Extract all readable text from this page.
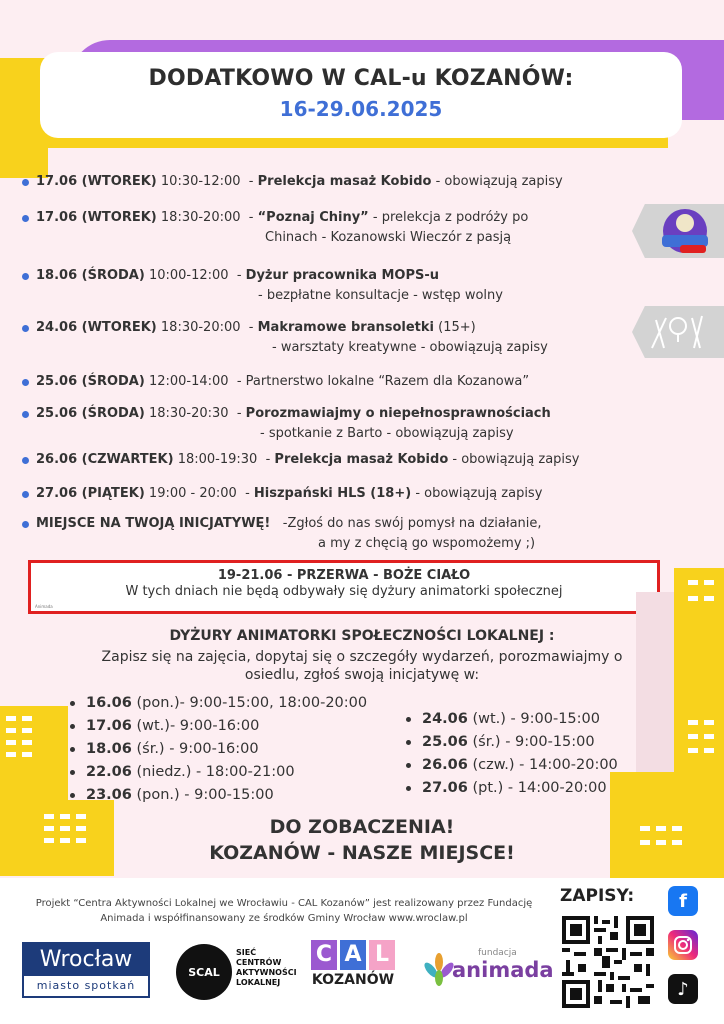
DODATKOWO W CAL-u KOZANÓW:
16-29.06.2025
17.06 (WTOREK) 10:30-12:00  - Prelekcja masaż Kobido - obowiązują zapisy
17.06 (WTOREK) 18:30-20:00  - “Poznaj Chiny” - prelekcja z podróży po
Chinach - Kozanowski Wieczór z pasją
18.06 (ŚRODA) 10:00-12:00  - Dyżur pracownika MOPS-u
- bezpłatne konsultacje - wstęp wolny
24.06 (WTOREK) 18:30-20:00  - Makramowe bransoletki (15+)
- warsztaty kreatywne - obowiązują zapisy
25.06 (ŚRODA) 12:00-14:00 - Partnerstwo lokalne “Razem dla Kozanowa”
25.06 (ŚRODA) 18:30-20:30  - Porozmawiajmy o niepełnosprawnościach
- spotkanie z Barto - obowiązują zapisy
26.06 (CZWARTEK) 18:00-19:30  - Prelekcja masaż Kobido - obowiązują zapisy
27.06 (PIĄTEK) 19:00 - 20:00  - Hiszpański HLS (18+) - obowiązują zapisy
MIEJSCE NA TWOJĄ INICJATYWĘ! -Zgłoś do nas swój pomysł na działanie,
a my z chęcią go wspomożemy ;)
19-21.06 - PRZERWA - BOŻE CIAŁO
W tych dniach nie będą odbywały się dyżury animatorki społecznej
Animada
DYŻURY ANIMATORKI SPOŁECZNOŚCI LOKALNEJ :
Zapisz się na zajęcia, dopytaj się o szczegóły wydarzeń, porozmawiajmy o osiedlu, zgłoś swoją inicjatywę w:
16.06 (pon.)- 9:00-15:00, 18:00-20:00
17.06 (wt.)- 9:00-16:00
18.06 (śr.) - 9:00-16:00
22.06 (niedz.) - 18:00-21:00
23.06 (pon.) - 9:00-15:00
24.06 (wt.) - 9:00-15:00
25.06 (śr.) - 9:00-15:00
26.06 (czw.) - 14:00-20:00
27.06 (pt.) - 14:00-20:00
DO ZOBACZENIA!
KOZANÓW - NASZE MIEJSCE!
Projekt “Centra Aktywności Lokalnej we Wrocławiu - CAL Kozanów” jest realizowany przez Fundację Animada i współfinansowany ze środków Gminy Wrocław www.wroclaw.pl
ZAPISY:	f
♪
Wrocław
miasto spotkań
SCAL
SIEĆ
CENTRÓW
AKTYWNOŚCI
LOKALNEJ
C A L
KOZANÓW
fundacja
animada
